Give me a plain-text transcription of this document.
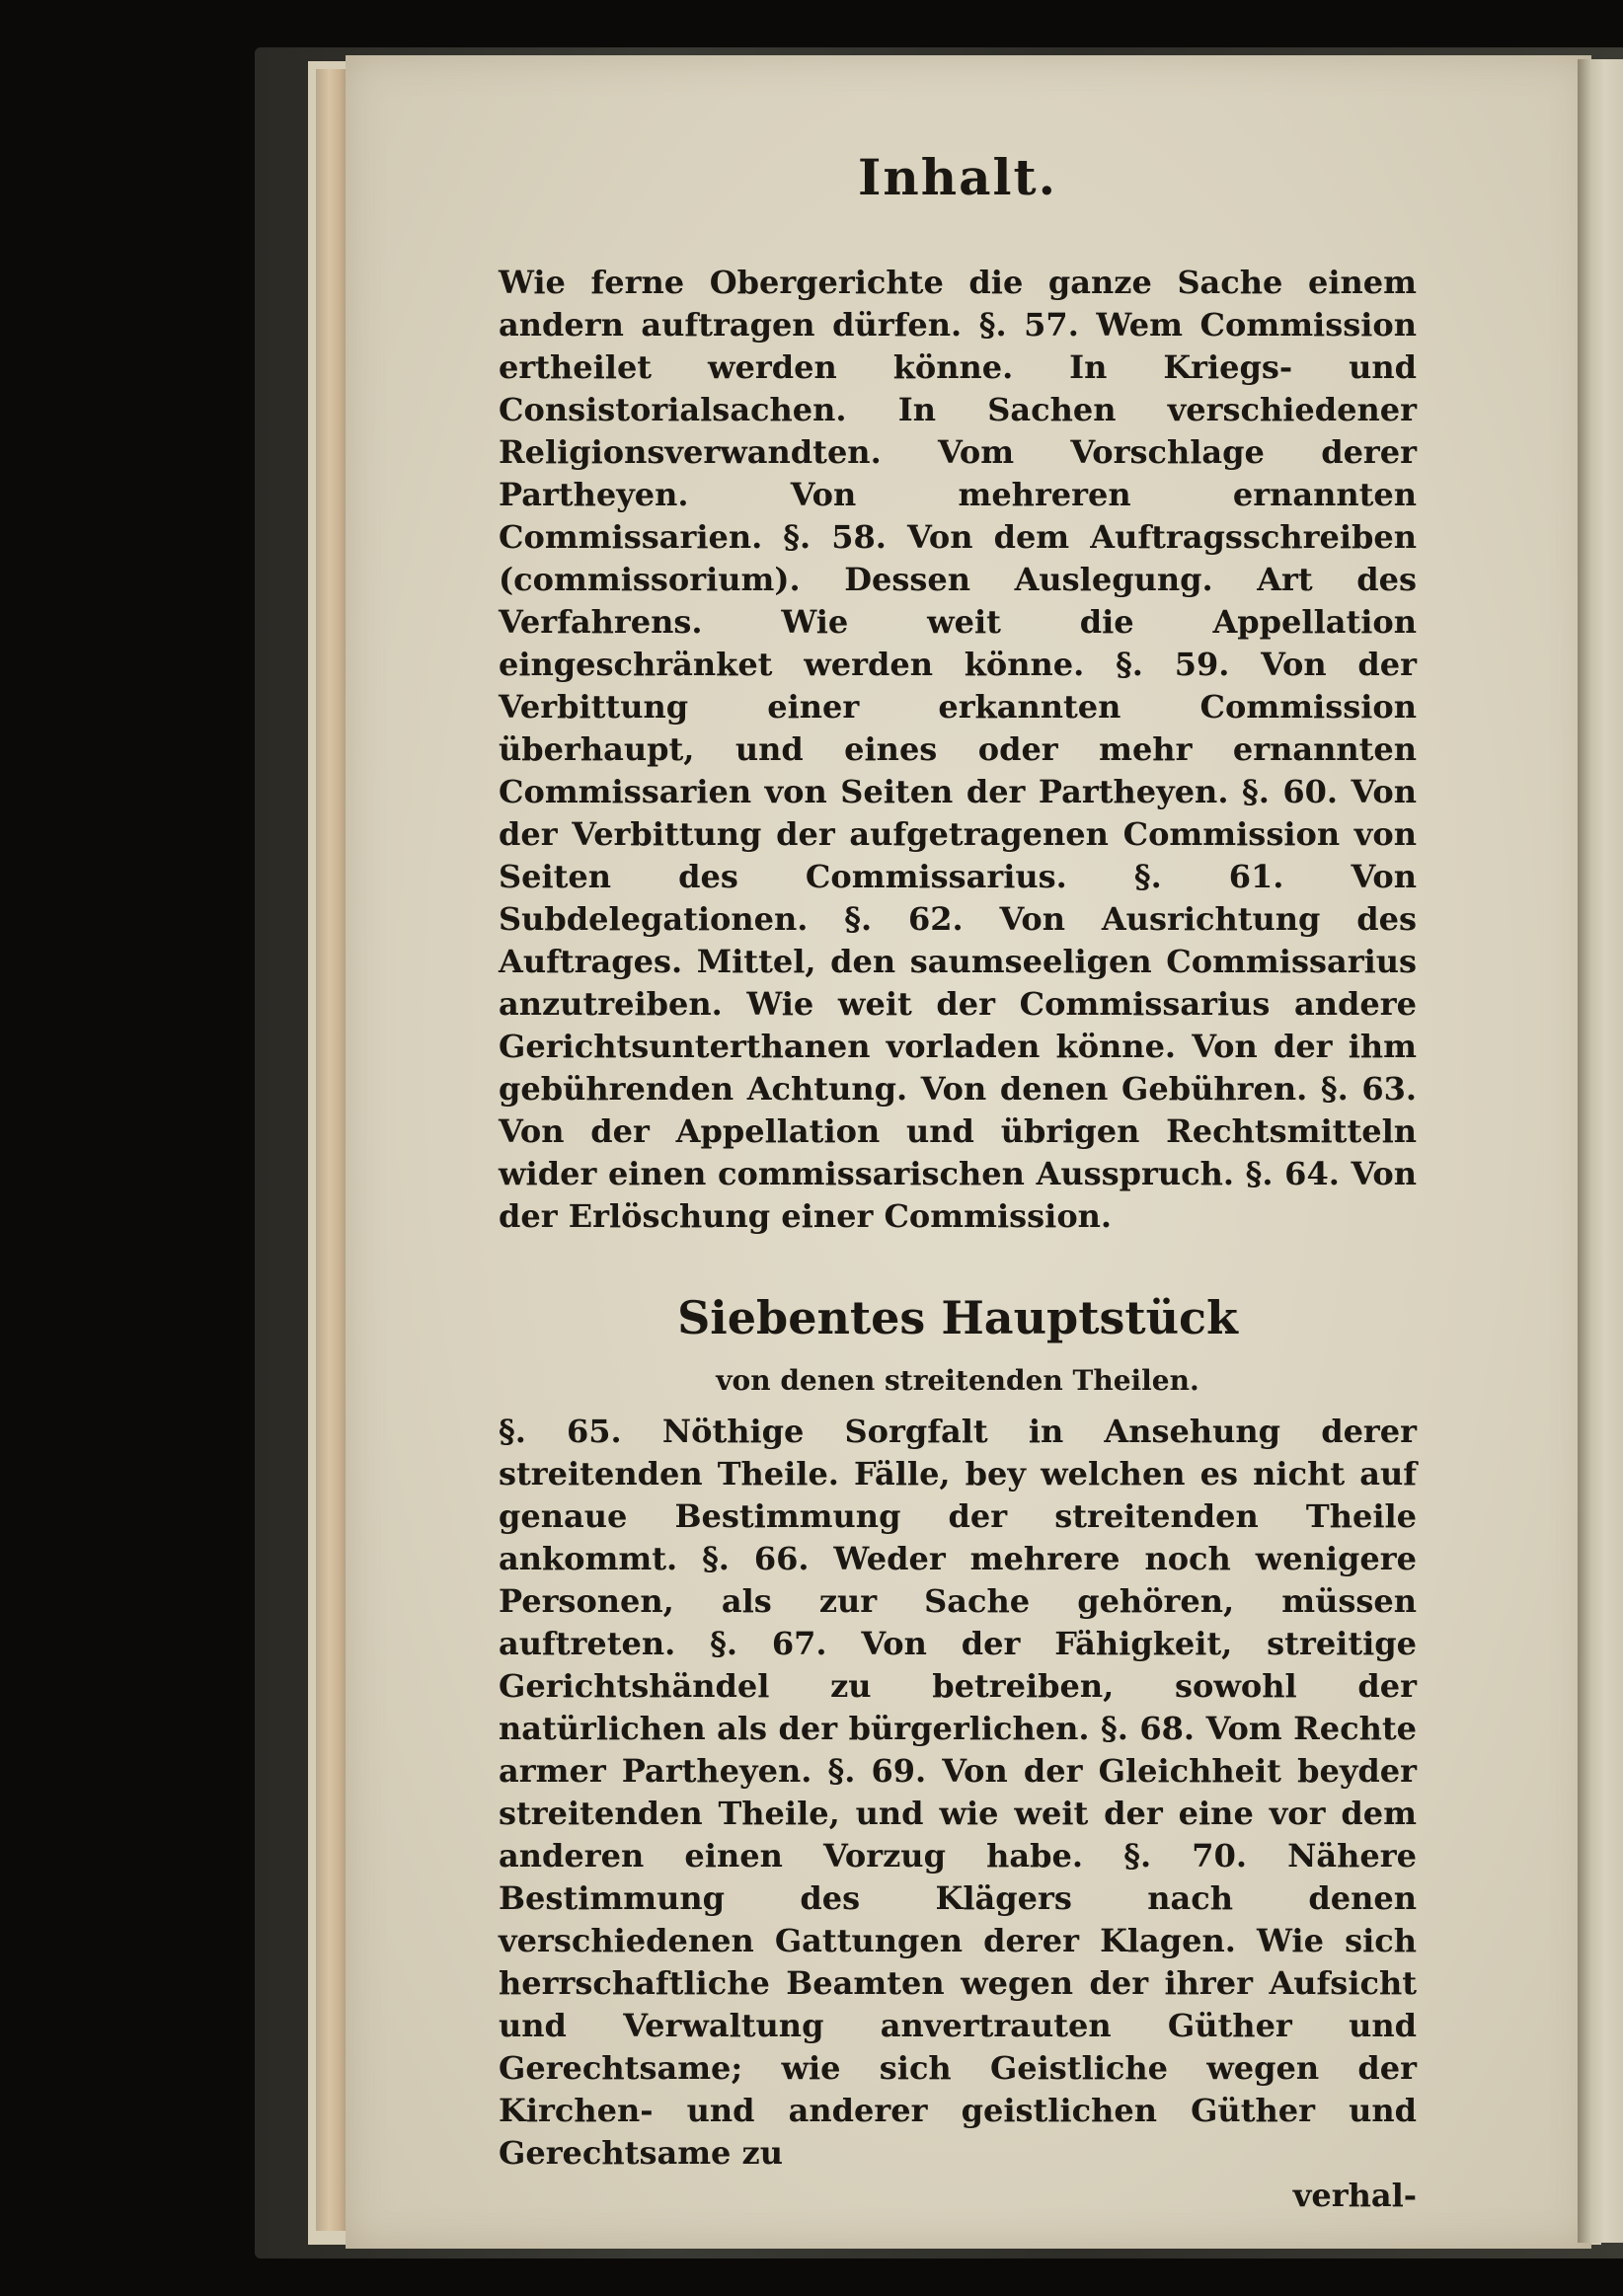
Inhalt.

Wie ferne Obergerichte die ganze Sache einem andern auftragen dürfen. §. 57. Wem Commission ertheilet werden könne. In Kriegs- und Consistorialsachen. In Sachen verschiedener Religionsverwandten. Vom Vorschlage derer Partheyen. Von mehreren ernannten Commissarien. §. 58. Von dem Auftragsschreiben (commissorium). Dessen Auslegung. Art des Verfahrens. Wie weit die Appellation eingeschränket werden könne. §. 59. Von der Verbittung einer erkannten Commission überhaupt, und eines oder mehr ernannten Commissarien von Seiten der Partheyen. §. 60. Von der Verbittung der aufgetragenen Commission von Seiten des Commissarius. §. 61. Von Subdelegationen. §. 62. Von Ausrichtung des Auftrages. Mittel, den saumseeligen Commissarius anzutreiben. Wie weit der Commissarius andere Gerichtsunterthanen vorladen könne. Von der ihm gebührenden Achtung. Von denen Gebühren. §. 63. Von der Appellation und übrigen Rechtsmitteln wider einen commissarischen Ausspruch. §. 64. Von der Erlöschung einer Commission.

Siebentes Hauptstück
von denen streitenden Theilen.

§. 65. Nöthige Sorgfalt in Ansehung derer streitenden Theile. Fälle, bey welchen es nicht auf genaue Bestimmung der streitenden Theile ankommt. §. 66. Weder mehrere noch wenigere Personen, als zur Sache gehören, müssen auftreten. §. 67. Von der Fähigkeit, streitige Gerichtshändel zu betreiben, sowohl der natürlichen als der bürgerlichen. §. 68. Vom Rechte armer Partheyen. §. 69. Von der Gleichheit beyder streitenden Theile, und wie weit der eine vor dem anderen einen Vorzug habe. §. 70. Nähere Bestimmung des Klägers nach denen verschiedenen Gattungen derer Klagen. Wie sich herrschaftliche Beamten wegen der ihrer Aufsicht und Verwaltung anvertrauten Güther und Gerechtsame; wie sich Geistliche wegen der Kirchen- und anderer geistlichen Güther und Gerechtsame zu

verhal-
